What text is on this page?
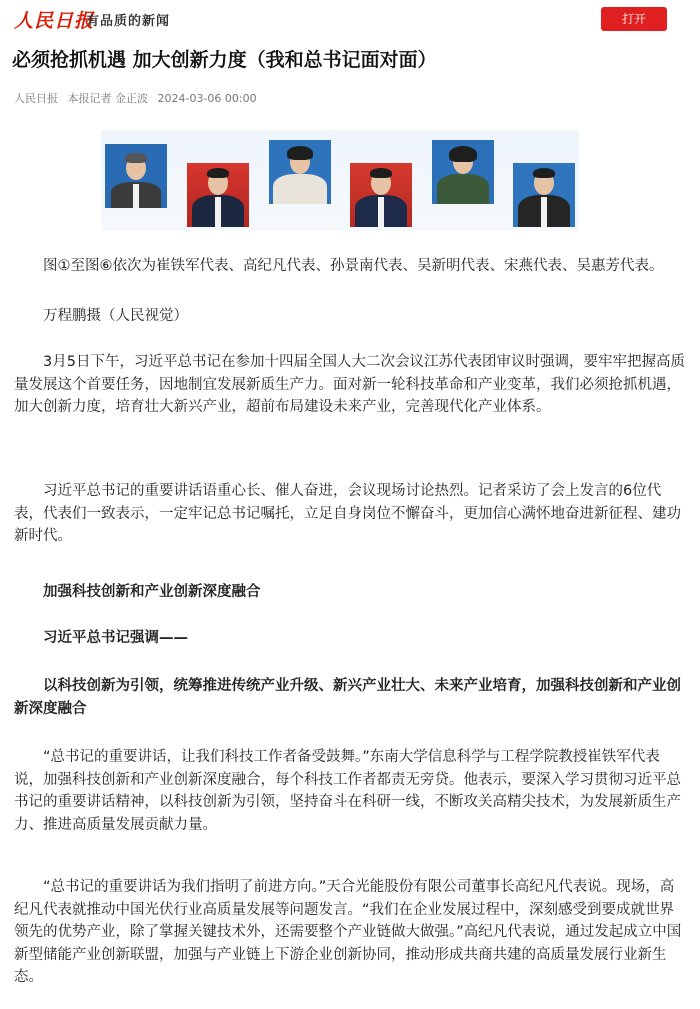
人民日报
有品质的新闻	打开
必须抢抓机遇 加大创新力度（我和总书记面对面）
人民日报 本报记者 金正波 2024-03-06 00:00

图①至图⑥依次为崔铁军代表、高纪凡代表、孙景南代表、吴新明代表、宋燕代表、吴惠芳代表。

万程鹏摄（人民视觉）

3月5日下午，习近平总书记在参加十四届全国人大二次会议江苏代表团审议时强调，要牢牢把握高质量发展这个首要任务，因地制宜发展新质生产力。面对新一轮科技革命和产业变革，我们必须抢抓机遇，加大创新力度，培育壮大新兴产业，超前布局建设未来产业，完善现代化产业体系。

习近平总书记的重要讲话语重心长、催人奋进，会议现场讨论热烈。记者采访了会上发言的6位代表，代表们一致表示，一定牢记总书记嘱托，立足自身岗位不懈奋斗，更加信心满怀地奋进新征程、建功新时代。

加强科技创新和产业创新深度融合

习近平总书记强调——

以科技创新为引领，统筹推进传统产业升级、新兴产业壮大、未来产业培育，加强科技创新和产业创新深度融合

“总书记的重要讲话，让我们科技工作者备受鼓舞。”东南大学信息科学与工程学院教授崔铁军代表说，加强科技创新和产业创新深度融合，每个科技工作者都责无旁贷。他表示，要深入学习贯彻习近平总书记的重要讲话精神，以科技创新为引领，坚持奋斗在科研一线，不断攻关高精尖技术，为发展新质生产力、推进高质量发展贡献力量。

“总书记的重要讲话为我们指明了前进方向。”天合光能股份有限公司董事长高纪凡代表说。现场，高纪凡代表就推动中国光伏行业高质量发展等问题发言。“我们在企业发展过程中，深刻感受到要成就世界领先的优势产业，除了掌握关键技术外，还需要整个产业链做大做强。”高纪凡代表说，通过发起成立中国新型储能产业创新联盟，加强与产业链上下游企业创新协同，推动形成共商共建的高质量发展行业新生态。
